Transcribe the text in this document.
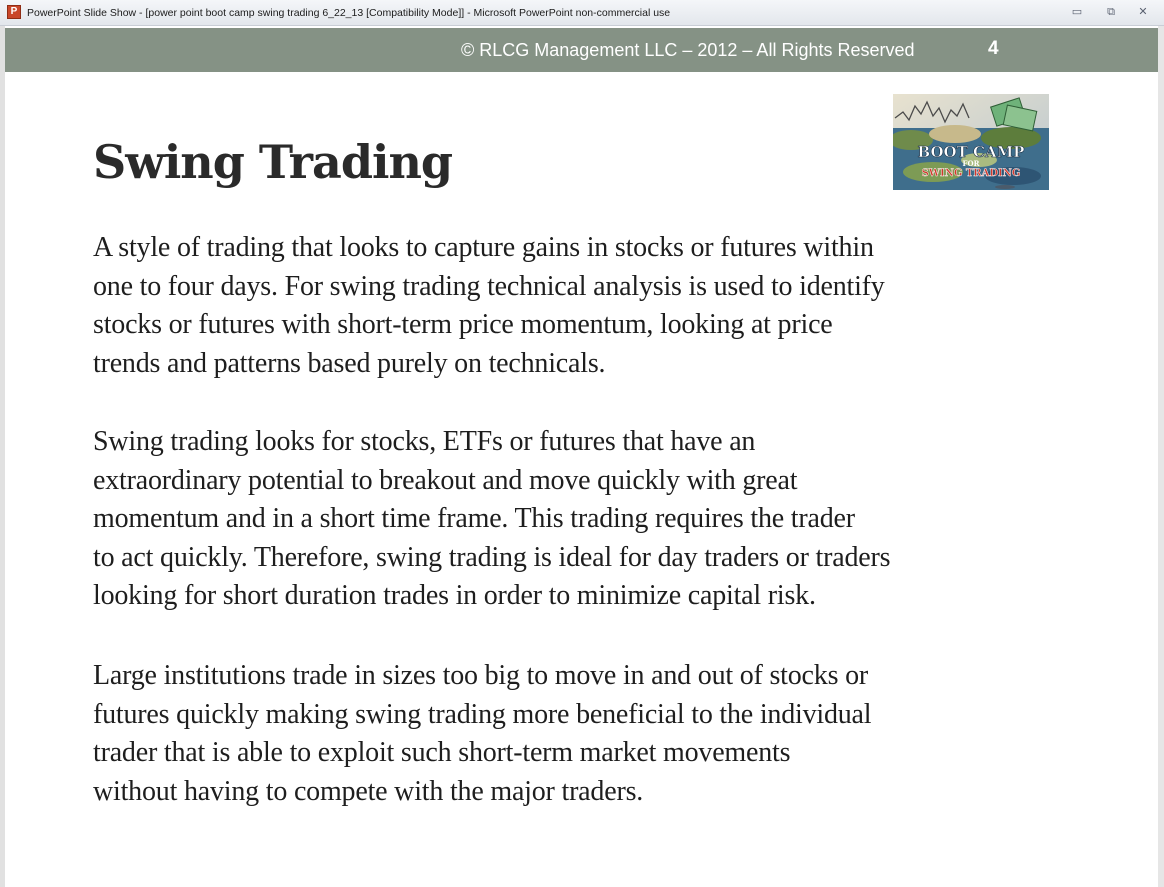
P PowerPoint Slide Show - [power point boot camp swing trading 6_22_13 [Compatibility Mode]] - Microsoft PowerPoint non-commercial use	▭	⧉	✕
© RLCG Management LLC – 2012 – All Rights Reserved	4
Swing Trading	BOOT CAMP
FOR
SWING TRADING
A style of trading that looks to capture gains in stocks or futures within
one to four days. For swing trading technical analysis is used to identify
stocks or futures with short-term price momentum, looking at price
trends and patterns based purely on technicals.
Swing trading looks for stocks, ETFs or futures that have an
extraordinary potential to breakout and move quickly with great
momentum and in a short time frame. This trading requires the trader
to act quickly. Therefore, swing trading is ideal for day traders or traders
looking for short duration trades in order to minimize capital risk.
Large institutions trade in sizes too big to move in and out of stocks or
futures quickly making swing trading more beneficial to the individual
trader that is able to exploit such short-term market movements
without having to compete with the major traders.
